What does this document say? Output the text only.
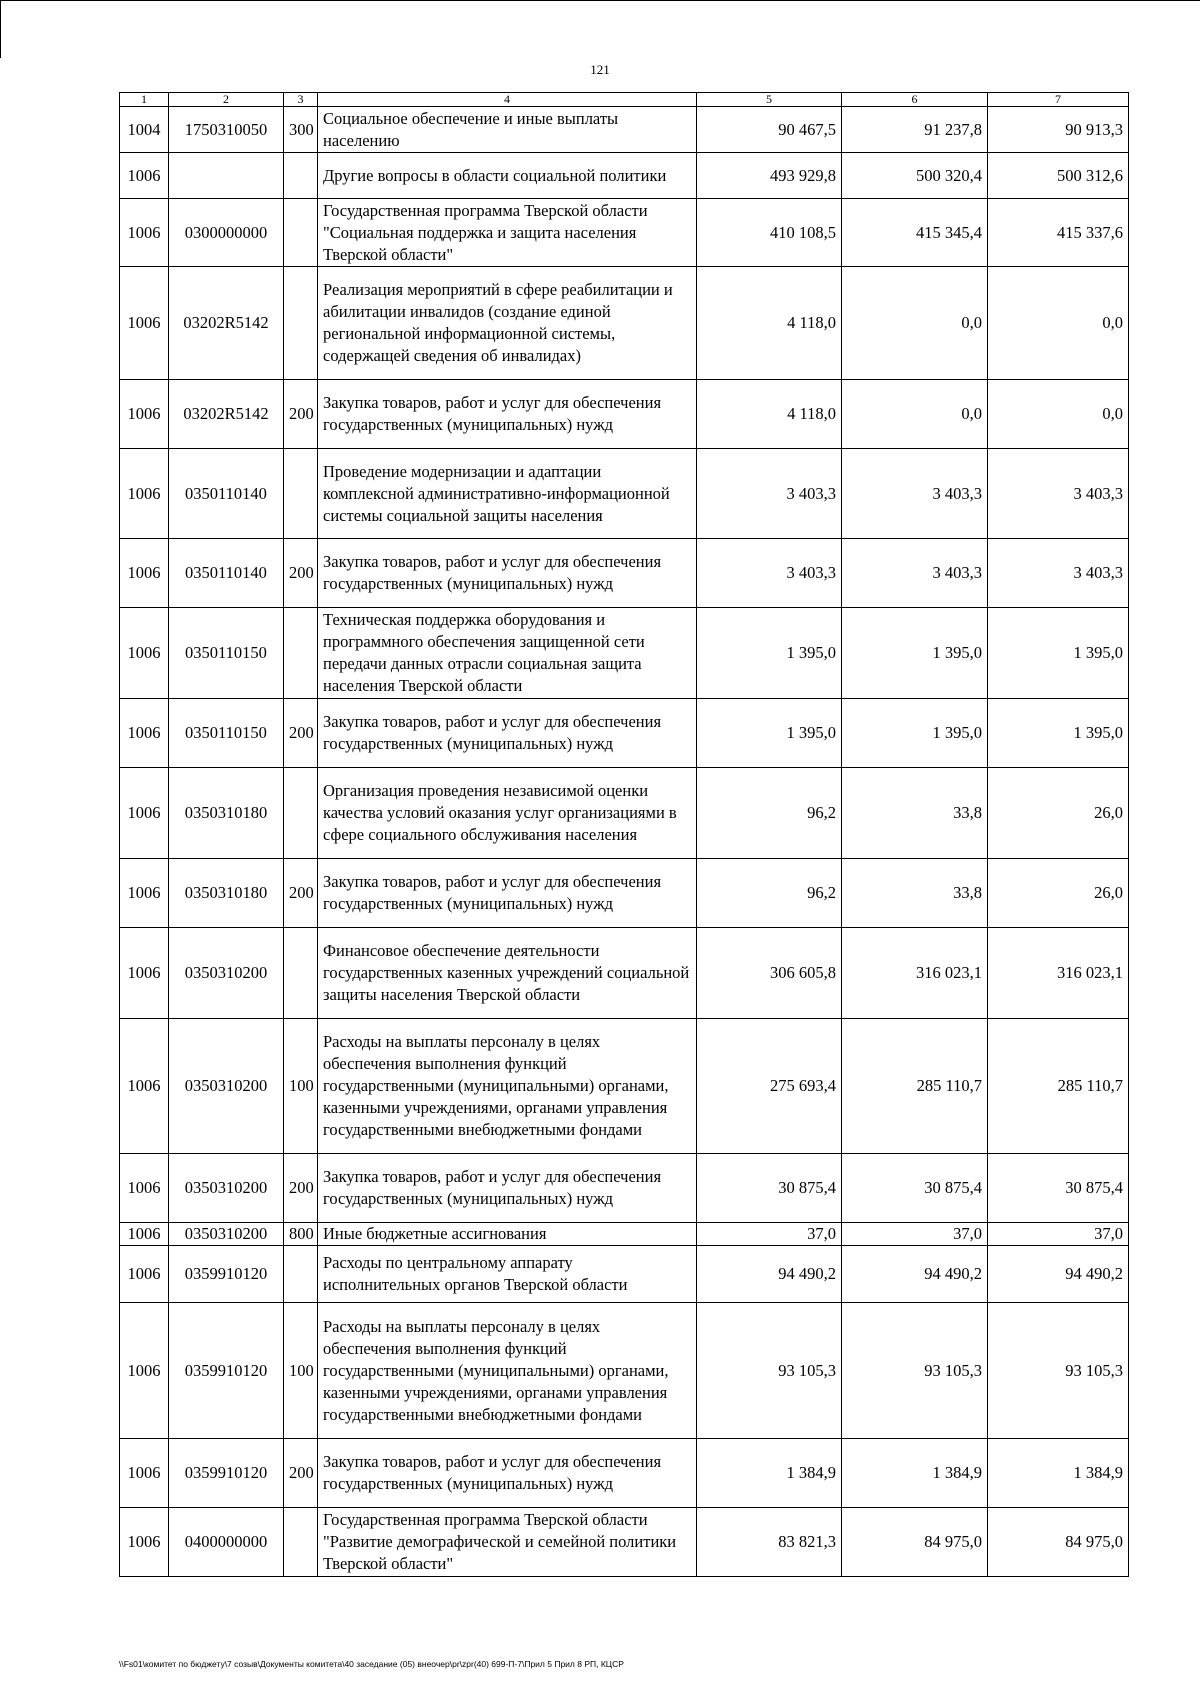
121
1	2	3	4	5	6	7
1004	1750310050	300	Социальное обеспечение и иные выплаты населению	90 467,5	91 237,8	90 913,3
1006			Другие вопросы в области социальной политики	493 929,8	500 320,4	500 312,6
1006	0300000000		Государственная программа Тверской области "Социальная поддержка и защита населения Тверской области"	410 108,5	415 345,4	415 337,6
1006	03202R5142		Реализация мероприятий в сфере реабилитации и абилитации инвалидов (создание единой региональной информационной системы, содержащей сведения об инвалидах)	4 118,0	0,0	0,0
1006	03202R5142	200	Закупка товаров, работ и услуг для обеспечения государственных (муниципальных) нужд	4 118,0	0,0	0,0
1006	0350110140		Проведение модернизации и адаптации комплексной административно-информационной системы социальной защиты населения	3 403,3	3 403,3	3 403,3
1006	0350110140	200	Закупка товаров, работ и услуг для обеспечения государственных (муниципальных) нужд	3 403,3	3 403,3	3 403,3
1006	0350110150		Техническая поддержка оборудования и программного обеспечения защищенной сети передачи данных отрасли социальная защита населения Тверской области	1 395,0	1 395,0	1 395,0
1006	0350110150	200	Закупка товаров, работ и услуг для обеспечения государственных (муниципальных) нужд	1 395,0	1 395,0	1 395,0
1006	0350310180		Организация проведения независимой оценки качества условий оказания услуг организациями в сфере социального обслуживания населения	96,2	33,8	26,0
1006	0350310180	200	Закупка товаров, работ и услуг для обеспечения государственных (муниципальных) нужд	96,2	33,8	26,0
1006	0350310200		Финансовое обеспечение деятельности государственных казенных учреждений социальной защиты населения Тверской области	306 605,8	316 023,1	316 023,1
1006	0350310200	100	Расходы на выплаты персоналу в целях обеспечения выполнения функций государственными (муниципальными) органами, казенными учреждениями, органами управления государственными внебюджетными фондами	275 693,4	285 110,7	285 110,7
1006	0350310200	200	Закупка товаров, работ и услуг для обеспечения государственных (муниципальных) нужд	30 875,4	30 875,4	30 875,4
1006	0350310200	800	Иные бюджетные ассигнования	37,0	37,0	37,0
1006	0359910120		Расходы по центральному аппарату исполнительных органов Тверской области	94 490,2	94 490,2	94 490,2
1006	0359910120	100	Расходы на выплаты персоналу в целях обеспечения выполнения функций государственными (муниципальными) органами, казенными учреждениями, органами управления государственными внебюджетными фондами	93 105,3	93 105,3	93 105,3
1006	0359910120	200	Закупка товаров, работ и услуг для обеспечения государственных (муниципальных) нужд	1 384,9	1 384,9	1 384,9
1006	0400000000		Государственная программа Тверской области "Развитие демографической и семейной политики Тверской области"	83 821,3	84 975,0	84 975,0
\\Fs01\комитет по бюджету\7 созыв\Документы комитета\40 заседание (05) внеочер\pr\zpr(40) 699-П-7\Прил 5 Прил 8 РП, КЦСР
